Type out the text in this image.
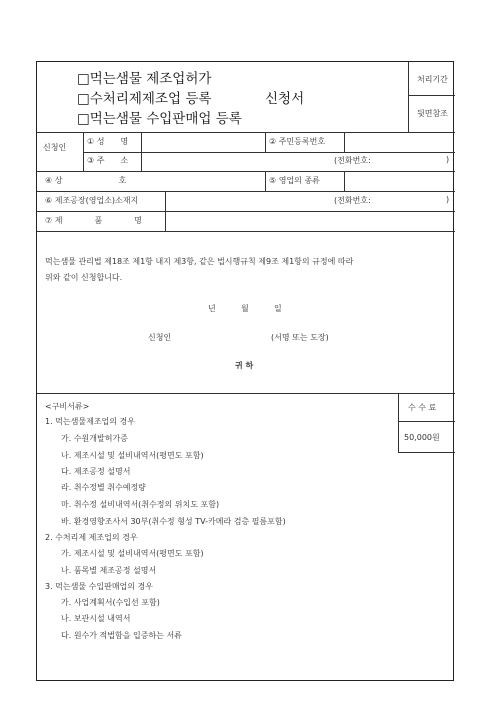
□먹는샘물 제조업허가
□수처리제제조업 등록	신청서
□먹는샘물 수입판매업 등록
처리기간
뒷면참조
신청인
① 성　　명	② 주민등록번호
③ 주　　소	(전화번호:	)
④ 상　　　　　　　호	⑤ 영업의 종류
⑥ 제조공장(영업소)소재지	(전화번호:	)
⑦ 제　　　　품　　　　명
먹는샘물 관리법 제18조 제1항 내지 제3항, 같은 법시행규칙 제9조 제1항의 규정에 따라
위와 같이 신청합니다.
년	월	일
신청인	(서명 또는 도장)
귀 하
수 수 료
50,000원
<구비서류>
1. 먹는샘물제조업의 경우
가. 수원개발허가증
나. 제조시설 및 설비내역서(평면도 포함)
다. 제조공정 설명서
라. 취수정별 취수예정량
마. 취수정 설비내역서(취수정의 위치도 포함)
바. 환경영향조사서 30부(취수정 형성 TV-카메라 검층 필름포함)
2. 수처리제 제조업의 경우
가. 제조시설 및 설비내역서(평면도 포함)
나. 품목별 제조공정 설명서
3. 먹는샘물 수입판매업의 경우
가. 사업계획서(수입선 포함)
나. 보관시설 내역서
다. 원수가 적법함을 입증하는 서류
